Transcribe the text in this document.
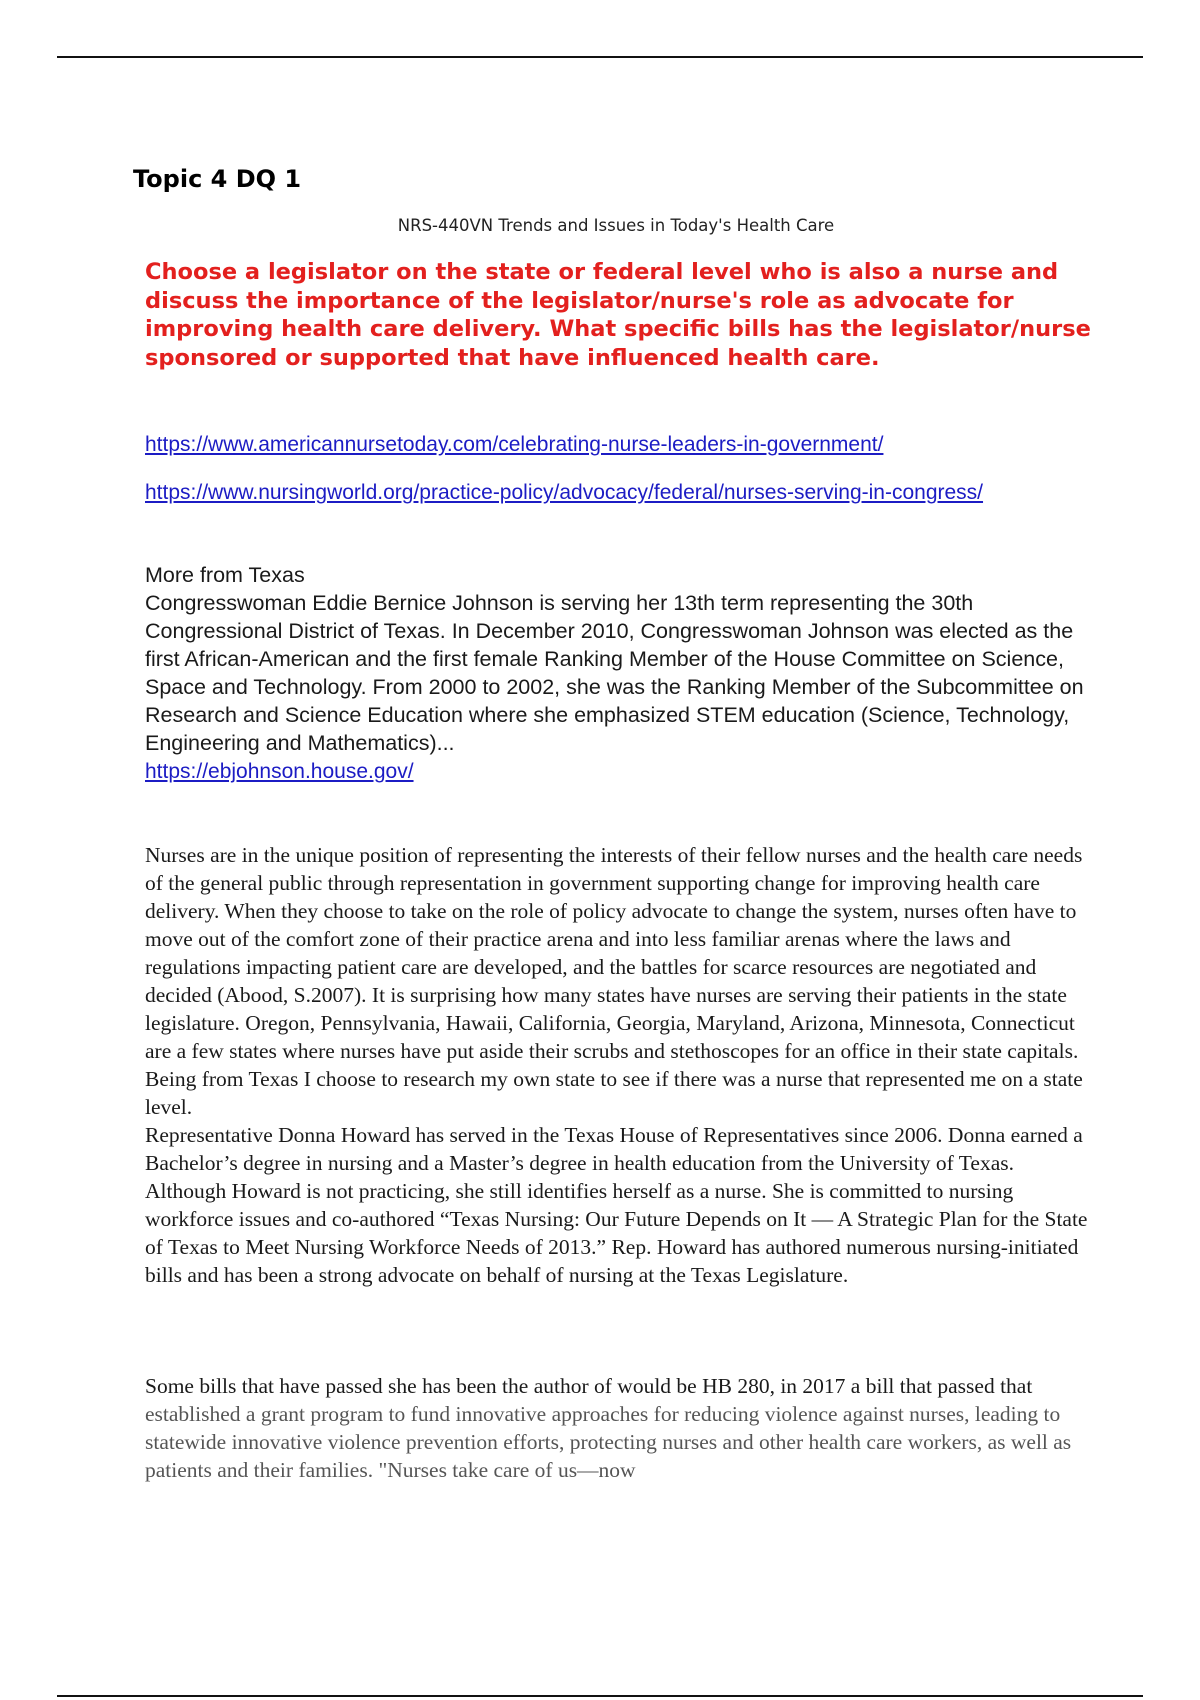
Topic 4 DQ 1
NRS-440VN Trends and Issues in Today's Health Care

Choose a legislator on the state or federal level who is also a nurse and discuss the importance of the legislator/nurse's role as advocate for improving health care delivery. What specific bills has the legislator/nurse sponsored or supported that have influenced health care.

https://www.americannursetoday.com/celebrating-nurse-leaders-in-government/
https://www.nursingworld.org/practice-policy/advocacy/federal/nurses-serving-in-congress/
More from Texas
Congresswoman Eddie Bernice Johnson is serving her 13th term representing the 30th Congressional District of Texas. In December 2010, Congresswoman Johnson was elected as the first African-American and the first female Ranking Member of the House Committee on Science, Space and Technology. From 2000 to 2002, she was the Ranking Member of the Subcommittee on Research and Science Education where she emphasized STEM education (Science, Technology, Engineering and Mathematics)...
https://ebjohnson.house.gov/

Nurses are in the unique position of representing the interests of their fellow nurses and the health care needs of the general public through representation in government supporting change for improving health care delivery. When they choose to take on the role of policy advocate to change the system, nurses often have to move out of the comfort zone of their practice arena and into less familiar arenas where the laws and regulations impacting patient care are developed, and the battles for scarce resources are negotiated and decided (Abood, S.2007). It is surprising how many states have nurses are serving their patients in the state legislature. Oregon, Pennsylvania, Hawaii, California, Georgia, Maryland, Arizona, Minnesota, Connecticut are a few states where nurses have put aside their scrubs and stethoscopes for an office in their state capitals. Being from Texas I choose to research my own state to see if there was a nurse that represented me on a state level.

Representative Donna Howard has served in the Texas House of Representatives since 2006. Donna earned a Bachelor’s degree in nursing and a Master’s degree in health education from the University of Texas. Although Howard is not practicing, she still identifies herself as a nurse. She is committed to nursing workforce issues and co-authored “Texas Nursing: Our Future Depends on It — A Strategic Plan for the State of Texas to Meet Nursing Workforce Needs of 2013.” Rep. Howard has authored numerous nursing-initiated bills and has been a strong advocate on behalf of nursing at the Texas Legislature.

Some bills that have passed she has been the author of would be HB 280, in 2017 a bill that passed that established a grant program to fund innovative approaches for reducing violence against nurses, leading to statewide innovative violence prevention efforts, protecting nurses and other health care workers, as well as patients and their families. "Nurses take care of us—now
